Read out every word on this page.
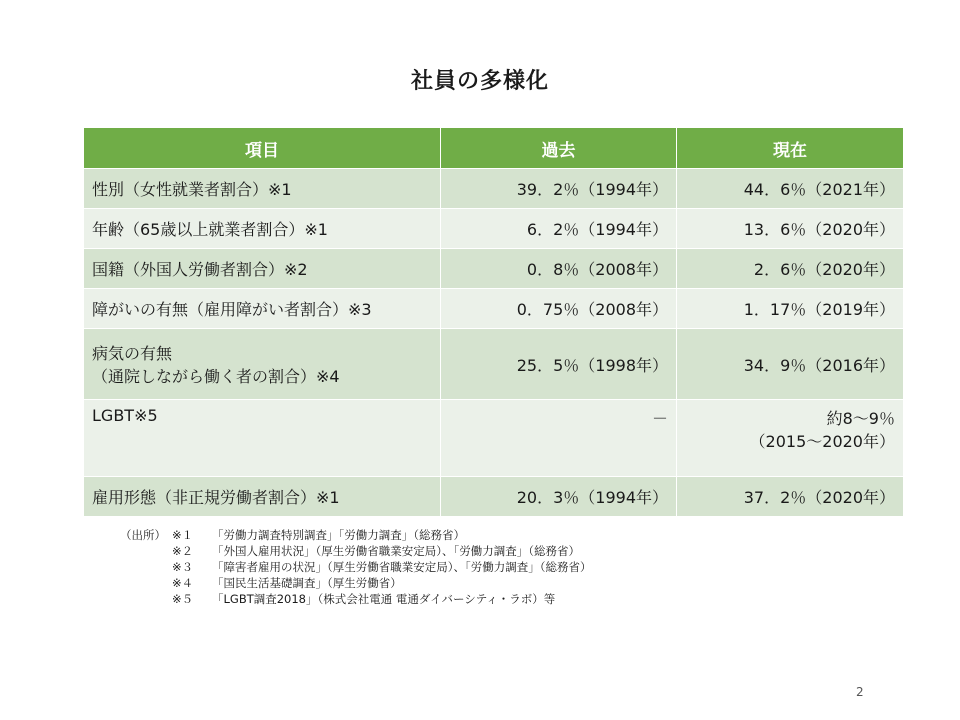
社員の多様化
項目	過去	現在

性別（女性就業者割合）※1	39．2％（1994年）	44．6％（2021年）

年齢（65歳以上就業者割合）※1	6．2％（1994年）	13．6％（2020年）

国籍（外国人労働者割合）※2	0．8％（2008年）	2．6％（2020年）

障がいの有無（雇用障がい者割合）※3	0．75％（2008年）	1．17％（2019年）

病気の有無
（通院しながら働く者の割合）※4	25．5％（1998年）	34．9％（2016年）

LGBT※5	－	約8～9％
（2015～2020年）

雇用形態（非正規労働者割合）※1	20．3％（1994年）	37．2％（2020年）
（出所） ※１ 「労働力調査特別調査」「労働力調査」（総務省）
※２ 「外国人雇用状況」（厚生労働省職業安定局）、「労働力調査」（総務省）
※３ 「障害者雇用の状況」（厚生労働省職業安定局）、「労働力調査」（総務省）
※４ 「国民生活基礎調査」（厚生労働省）
※５ 「LGBT調査2018」（株式会社電通 電通ダイバーシティ・ラボ）等
2
